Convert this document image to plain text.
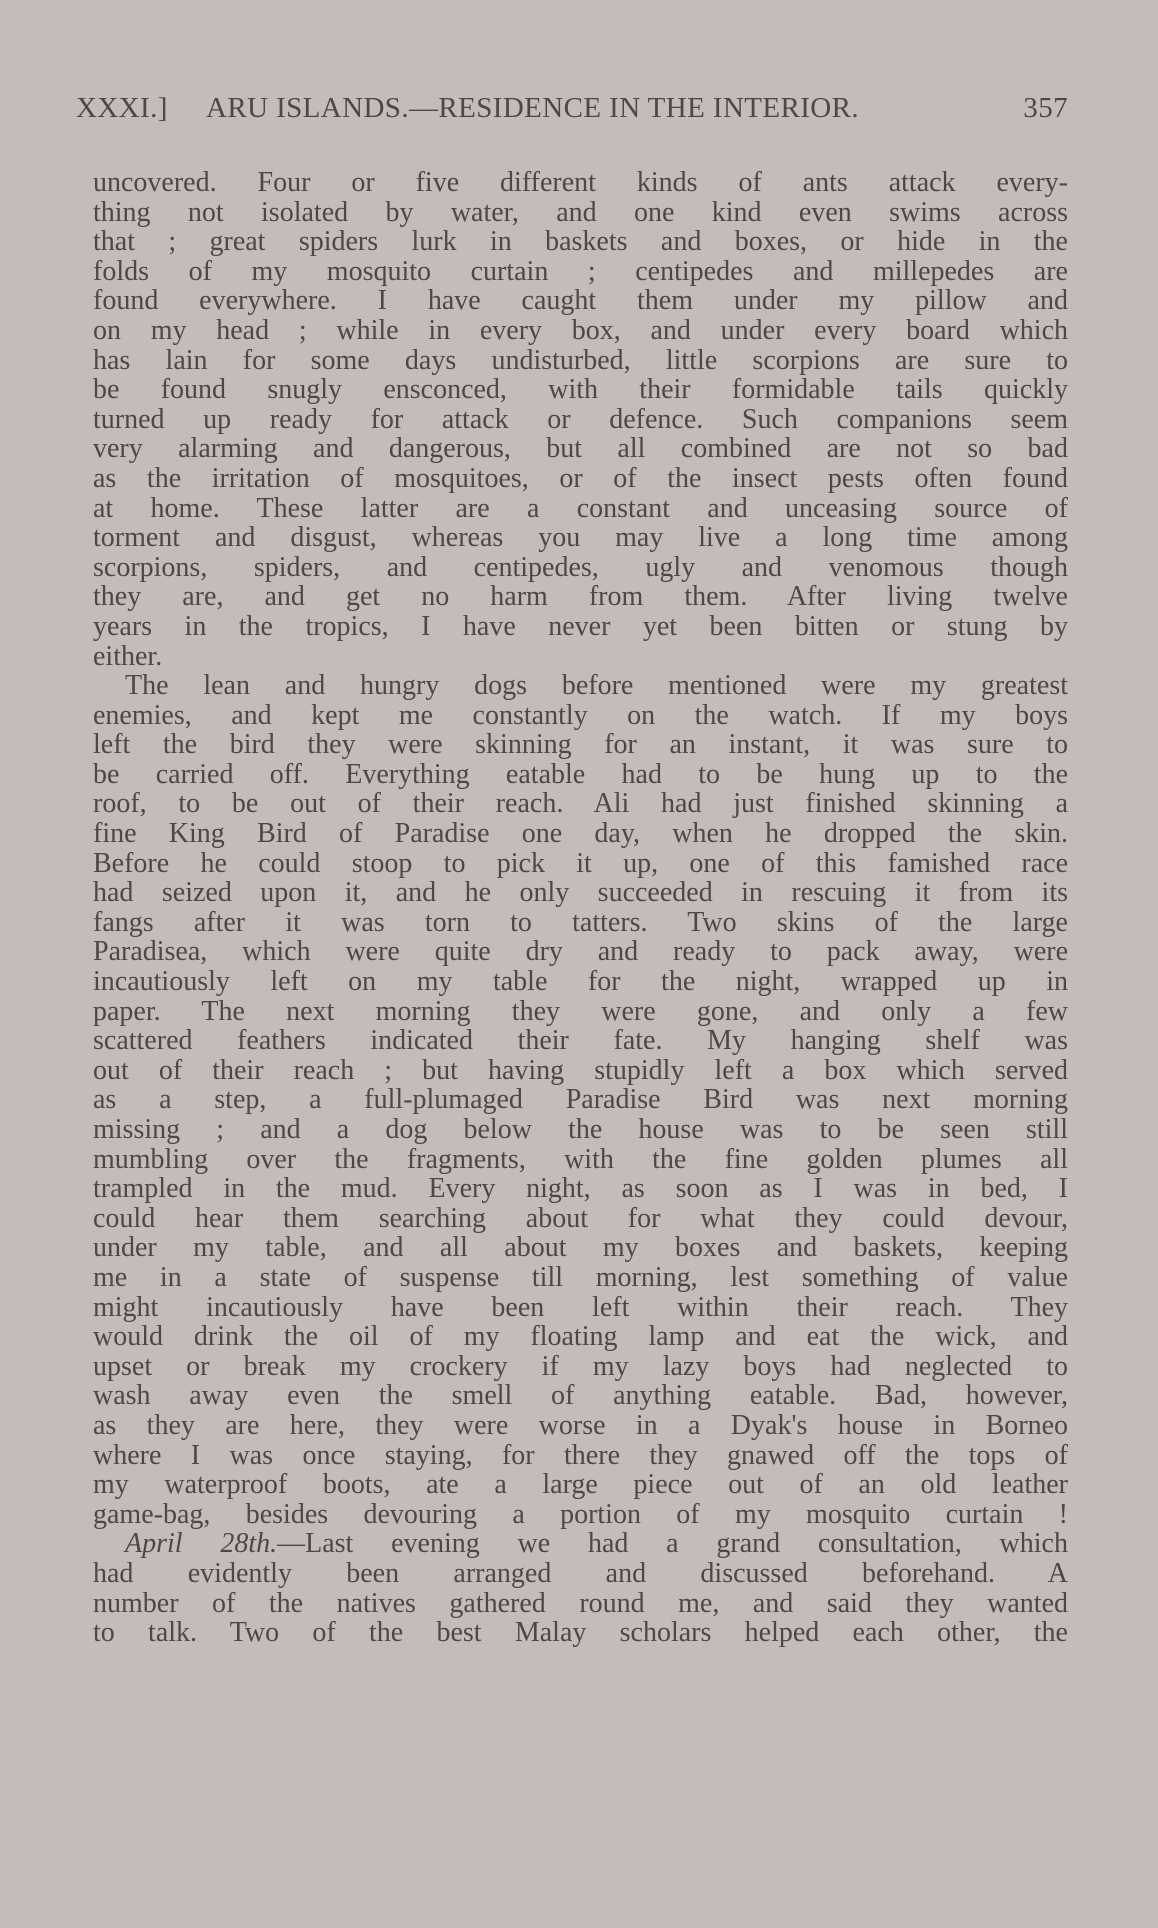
XXXI.] ARU ISLANDS.—RESIDENCE IN THE INTERIOR.	357
uncovered. Four or five different kinds of ants attack every-
thing not isolated by water, and one kind even swims across
that ; great spiders lurk in baskets and boxes, or hide in the
folds of my mosquito curtain ; centipedes and millepedes are
found everywhere. I have caught them under my pillow and
on my head ; while in every box, and under every board which
has lain for some days undisturbed, little scorpions are sure to
be found snugly ensconced, with their formidable tails quickly
turned up ready for attack or defence. Such companions seem
very alarming and dangerous, but all combined are not so bad
as the irritation of mosquitoes, or of the insect pests often found
at home. These latter are a constant and unceasing source of
torment and disgust, whereas you may live a long time among
scorpions, spiders, and centipedes, ugly and venomous though
they are, and get no harm from them. After living twelve
years in the tropics, I have never yet been bitten or stung by
either.
The lean and hungry dogs before mentioned were my greatest
enemies, and kept me constantly on the watch. If my boys
left the bird they were skinning for an instant, it was sure to
be carried off. Everything eatable had to be hung up to the
roof, to be out of their reach. Ali had just finished skinning a
fine King Bird of Paradise one day, when he dropped the skin.
Before he could stoop to pick it up, one of this famished race
had seized upon it, and he only succeeded in rescuing it from its
fangs after it was torn to tatters. Two skins of the large
Paradisea, which were quite dry and ready to pack away, were
incautiously left on my table for the night, wrapped up in
paper. The next morning they were gone, and only a few
scattered feathers indicated their fate. My hanging shelf was
out of their reach ; but having stupidly left a box which served
as a step, a full-plumaged Paradise Bird was next morning
missing ; and a dog below the house was to be seen still
mumbling over the fragments, with the fine golden plumes all
trampled in the mud. Every night, as soon as I was in bed, I
could hear them searching about for what they could devour,
under my table, and all about my boxes and baskets, keeping
me in a state of suspense till morning, lest something of value
might incautiously have been left within their reach. They
would drink the oil of my floating lamp and eat the wick, and
upset or break my crockery if my lazy boys had neglected to
wash away even the smell of anything eatable. Bad, however,
as they are here, they were worse in a Dyak's house in Borneo
where I was once staying, for there they gnawed off the tops of
my waterproof boots, ate a large piece out of an old leather
game-bag, besides devouring a portion of my mosquito curtain !
April 28th.—Last evening we had a grand consultation, which
had evidently been arranged and discussed beforehand. A
number of the natives gathered round me, and said they wanted
to talk. Two of the best Malay scholars helped each other, the
